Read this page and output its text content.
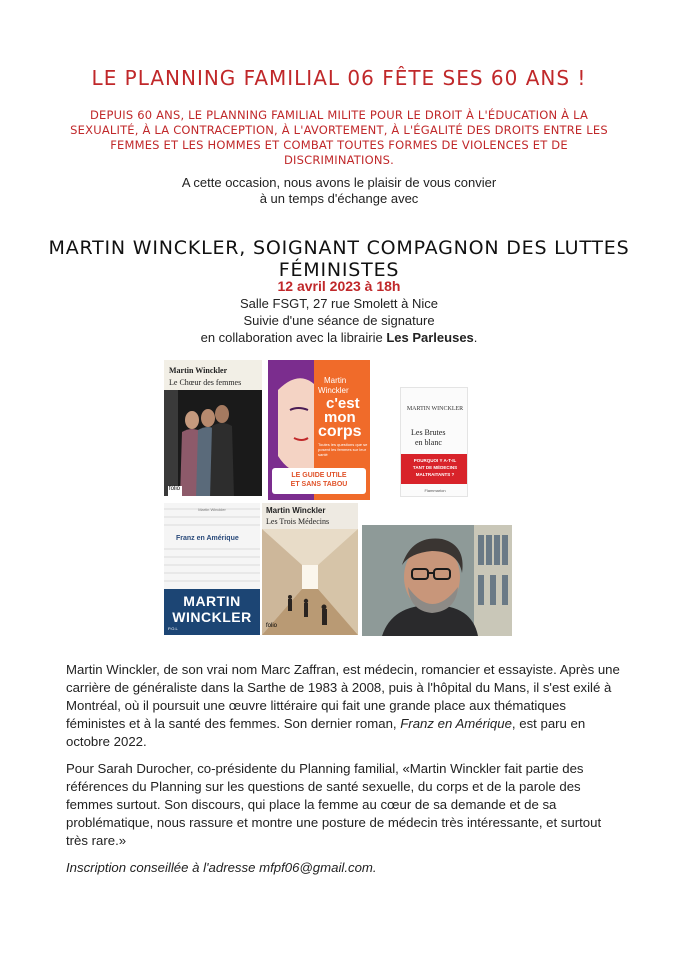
LE PLANNING FAMILIAL 06 FÊTE SES 60 ANS !
DEPUIS 60 ANS, LE PLANNING FAMILIAL MILITE POUR LE DROIT À L'ÉDUCATION À LA SEXUALITÉ, À LA CONTRACEPTION, À L'AVORTEMENT, À L'ÉGALITÉ DES DROITS ENTRE LES FEMMES ET LES HOMMES ET COMBAT TOUTES FORMES DE VIOLENCES ET DE DISCRIMINATIONS.
A cette occasion, nous avons le plaisir de vous convier
à un temps d'échange avec
MARTIN WINCKLER, SOIGNANT COMPAGNON DES LUTTES FÉMINISTES
12 avril 2023 à 18h
Salle FSGT, 27 rue Smolett à Nice
Suivie d'une séance de signature
en collaboration avec la librairie Les Parleuses.
Martin Winckler
Le Chœur des femmes
folio
Martin
Winckler
c'est
mon
corps
Toutes les questions que se posent les femmes sur leur santé
LE GUIDE UTILE
ET SANS TABOU
MARTIN WINCKLER
Les Brutes
en blanc
POURQUOI Y A-T-IL
TANT DE MÉDECINS
MALTRAITANTS ?
Flammarion
Martin Winckler
Franz en Amérique
MARTIN
WINCKLER
P.O.L
Martin Winckler
Les Trois Médecins
folio

Martin Winckler, de son vrai nom Marc Zaffran, est médecin, romancier et essayiste. Après une carrière de généraliste dans la Sarthe de 1983 à 2008, puis à l'hôpital du Mans, il s'est exilé à Montréal, où il poursuit une œuvre littéraire qui fait une grande place aux thématiques féministes et à la santé des femmes. Son dernier roman, Franz en Amérique, est paru en octobre 2022.

Pour Sarah Durocher, co-présidente du Planning familial, «Martin Winckler fait partie des références du Planning sur les questions de santé sexuelle, du corps et de la parole des femmes surtout. Son discours, qui place la femme au cœur de sa demande et de sa problématique, nous rassure et montre une posture de médecin très intéressante, et surtout très rare.»

Inscription conseillée à l'adresse mfpf06@gmail.com.
